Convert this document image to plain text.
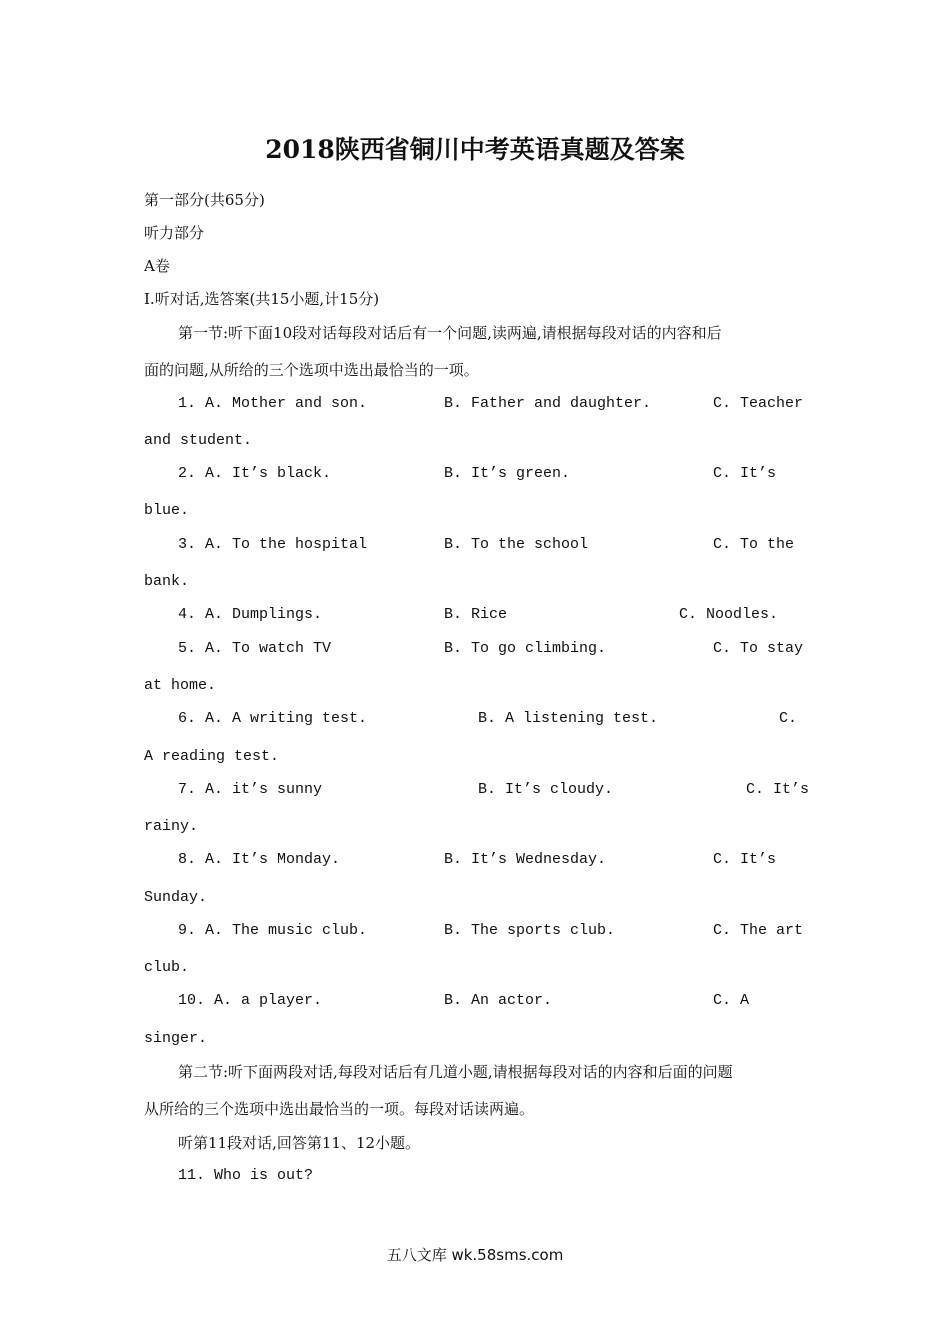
2018陕西省铜川中考英语真题及答案
第一部分(共65分)
听力部分
A卷
I.听对话,选答案(共15小题,计15分)
第一节:听下面10段对话每段对话后有一个问题,读两遍,请根据每段对话的内容和后
面的问题,从所给的三个选项中选出最恰当的一项。
1. A. Mother and son.	B. Father and daughter.	C. Teacher
and student.
2. A. It’s black.	B. It’s green.	C. It’s
blue.
3. A. To the hospital	B. To the school	C. To the
bank.
4. A. Dumplings.	B. Rice	C. Noodles.
5. A. To watch TV	B. To go climbing.	C. To stay
at home.
6. A. A writing test.	B. A listening test.	C.
A reading test.
7. A. it’s sunny	B. It’s cloudy.	C. It’s
rainy.
8. A. It’s Monday.	B. It’s Wednesday.	C. It’s
Sunday.
9. A. The music club.	B. The sports club.	C. The art
club.
10. A. a player.	B. An actor.	C. A
singer.
第二节:听下面两段对话,每段对话后有几道小题,请根据每段对话的内容和后面的问题
从所给的三个选项中选出最恰当的一项。每段对话读两遍。
听第11段对话,回答第11、12小题。
11. Who is out?
五八文库 wk.58sms.com
